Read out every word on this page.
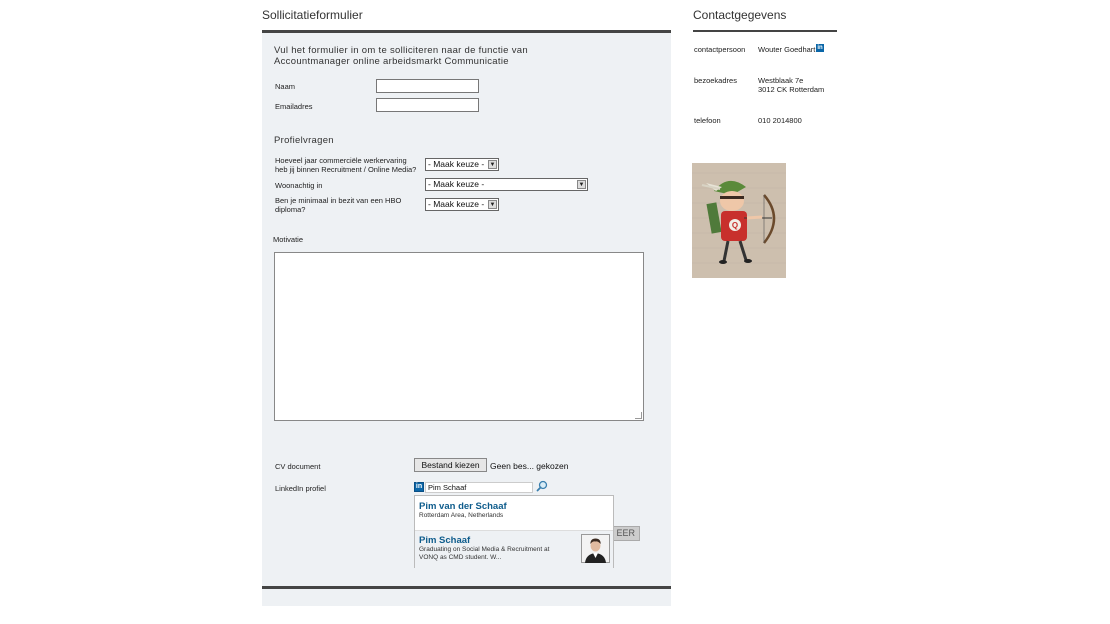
Sollicitatieformulier
Vul het formulier in om te solliciteren naar de functie van Accountmanager online arbeidsmarkt Communicatie
Naam
Emailadres
Profielvragen
Hoeveel jaar commerciële werkervaring heb jij binnen Recruitment / Online Media?
- Maak keuze - ▼
Woonachtig in	- Maak keuze -	▼
Ben je minimaal in bezit van een HBO diploma?
- Maak keuze - ▼
Motivatie
CV document	Bestand kiezen	Geen bes... gekozen
LinkedIn profiel	in Pim Schaaf
EER
Pim van der Schaaf
Rotterdam Area, Netherlands
Pim Schaaf
Graduating on Social Media & Recruitment at VONQ as CMD student. W...
Contactgegevens
contactpersoon Wouter Goedhart in
bezoekadres	Westblaak 7e
3012 CK Rotterdam
telefoon	010 2014800
Q
